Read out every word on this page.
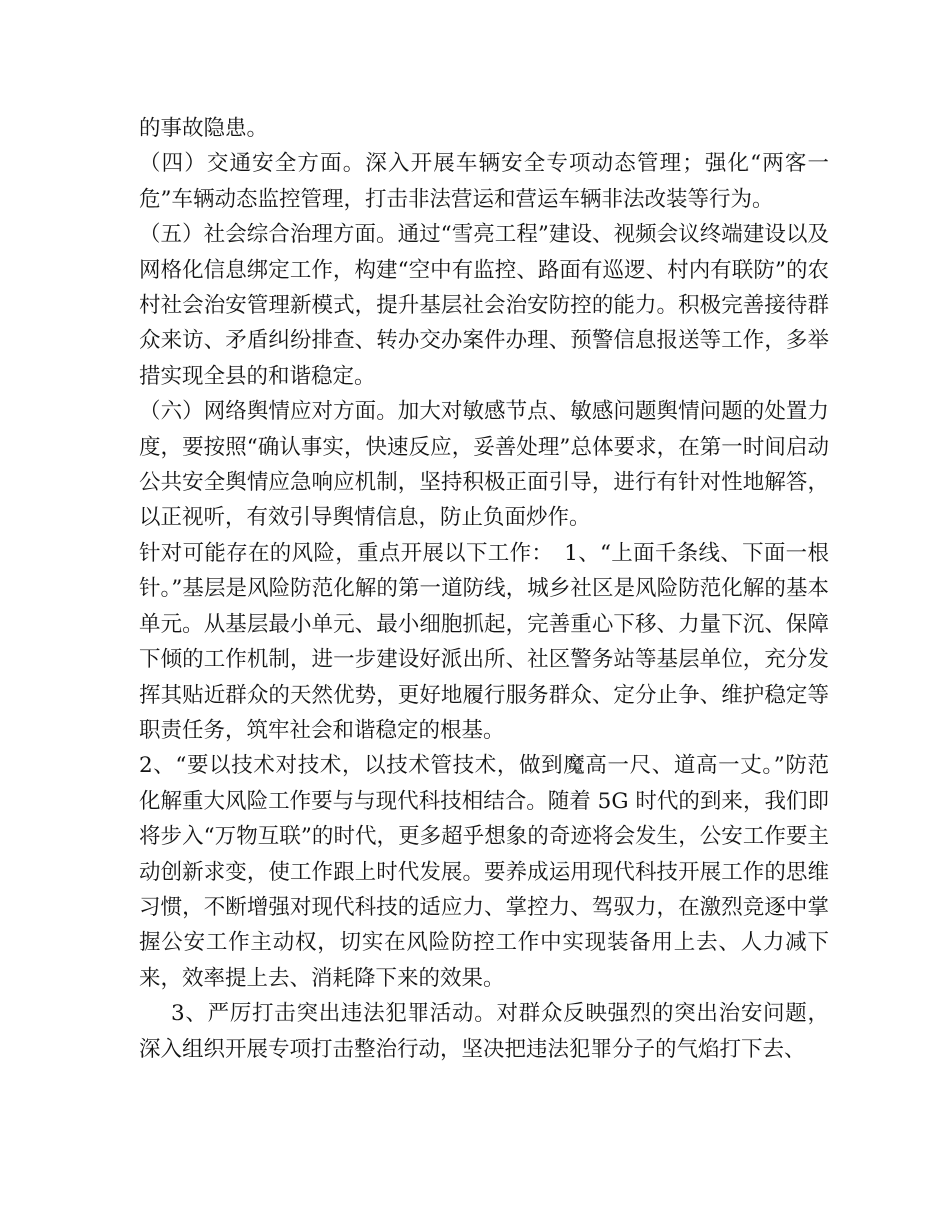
的事故隐患。

（四）交通安全方面。深入开展车辆安全专项动态管理；强化“两客一危”车辆动态监控管理，打击非法营运和营运车辆非法改装等行为。

（五）社会综合治理方面。通过“雪亮工程”建设、视频会议终端建设以及网格化信息绑定工作，构建“空中有监控、路面有巡逻、村内有联防”的农村社会治安管理新模式，提升基层社会治安防控的能力。积极完善接待群众来访、矛盾纠纷排查、转办交办案件办理、预警信息报送等工作，多举措实现全县的和谐稳定。

（六）网络舆情应对方面。加大对敏感节点、敏感问题舆情问题的处置力度，要按照“确认事实，快速反应，妥善处理”总体要求，在第一时间启动公共安全舆情应急响应机制，坚持积极正面引导，进行有针对性地解答，以正视听，有效引导舆情信息，防止负面炒作。

针对可能存在的风险，重点开展以下工作：　1、“上面千条线、下面一根针。”基层是风险防范化解的第一道防线，城乡社区是风险防范化解的基本单元。从基层最小单元、最小细胞抓起，完善重心下移、力量下沉、保障下倾的工作机制，进一步建设好派出所、社区警务站等基层单位，充分发挥其贴近群众的天然优势，更好地履行服务群众、定分止争、维护稳定等职责任务，筑牢社会和谐稳定的根基。

2、“要以技术对技术，以技术管技术，做到魔高一尺、道高一丈。”防范化解重大风险工作要与与现代科技相结合。随着 5G 时代的到来，我们即将步入“万物互联”的时代，更多超乎想象的奇迹将会发生，公安工作要主动创新求变，使工作跟上时代发展。要养成运用现代科技开展工作的思维习惯，不断增强对现代科技的适应力、掌控力、驾驭力，在激烈竞逐中掌握公安工作主动权，切实在风险防控工作中实现装备用上去、人力减下来，效率提上去、消耗降下来的效果。

3、严厉打击突出违法犯罪活动。对群众反映强烈的突出治安问题，深入组织开展专项打击整治行动，坚决把违法犯罪分子的气焰打下去、
